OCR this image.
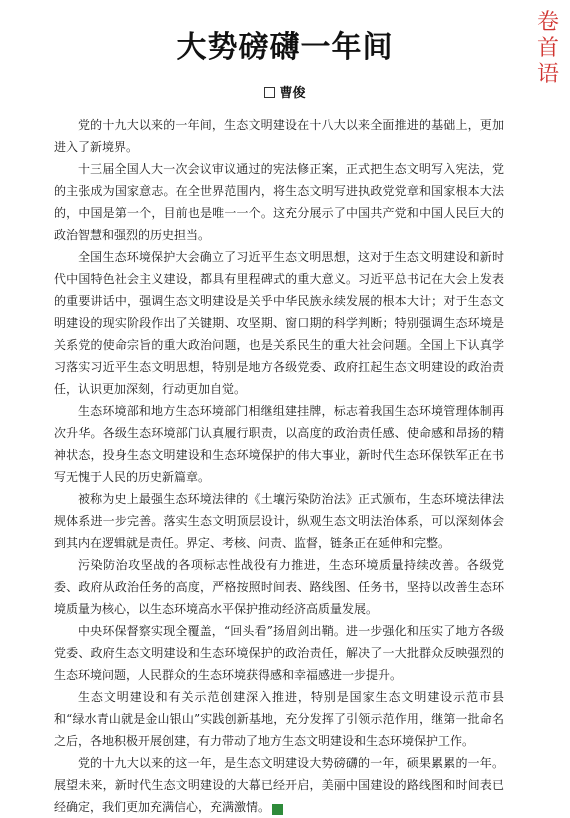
卷
首
语
大势磅礴一年间
曹俊

党的十九大以来的一年间，生态文明建设在十八大以来全面推进的基础上，更加进入了新境界。

十三届全国人大一次会议审议通过的宪法修正案，正式把生态文明写入宪法，党的主张成为国家意志。在全世界范围内，将生态文明写进执政党党章和国家根本大法的，中国是第一个，目前也是唯一一个。这充分展示了中国共产党和中国人民巨大的政治智慧和强烈的历史担当。

全国生态环境保护大会确立了习近平生态文明思想，这对于生态文明建设和新时代中国特色社会主义建设，都具有里程碑式的重大意义。习近平总书记在大会上发表的重要讲话中，强调生态文明建设是关乎中华民族永续发展的根本大计；对于生态文明建设的现实阶段作出了关键期、攻坚期、窗口期的科学判断；特别强调生态环境是关系党的使命宗旨的重大政治问题，也是关系民生的重大社会问题。全国上下认真学习落实习近平生态文明思想，特别是地方各级党委、政府扛起生态文明建设的政治责任，认识更加深刻，行动更加自觉。

生态环境部和地方生态环境部门相继组建挂牌，标志着我国生态环境管理体制再次升华。各级生态环境部门认真履行职责，以高度的政治责任感、使命感和昂扬的精神状态，投身生态文明建设和生态环境保护的伟大事业，新时代生态环保铁军正在书写无愧于人民的历史新篇章。

被称为史上最强生态环境法律的《土壤污染防治法》正式颁布，生态环境法律法规体系进一步完善。落实生态文明顶层设计，纵观生态文明法治体系，可以深刻体会到其内在逻辑就是责任。界定、考核、问责、监督，链条正在延伸和完整。

污染防治攻坚战的各项标志性战役有力推进，生态环境质量持续改善。各级党委、政府从政治任务的高度，严格按照时间表、路线图、任务书，坚持以改善生态环境质量为核心，以生态环境高水平保护推动经济高质量发展。

中央环保督察实现全覆盖，“回头看”扬眉剑出鞘。进一步强化和压实了地方各级党委、政府生态文明建设和生态环境保护的政治责任，解决了一大批群众反映强烈的生态环境问题，人民群众的生态环境获得感和幸福感进一步提升。

生态文明建设和有关示范创建深入推进，特别是国家生态文明建设示范市县和“绿水青山就是金山银山”实践创新基地，充分发挥了引领示范作用，继第一批命名之后，各地积极开展创建，有力带动了地方生态文明建设和生态环境保护工作。

党的十九大以来的这一年，是生态文明建设大势磅礴的一年，硕果累累的一年。展望未来，新时代生态文明建设的大幕已经开启，美丽中国建设的路线图和时间表已经确定，我们更加充满信心，充满激情。	■
